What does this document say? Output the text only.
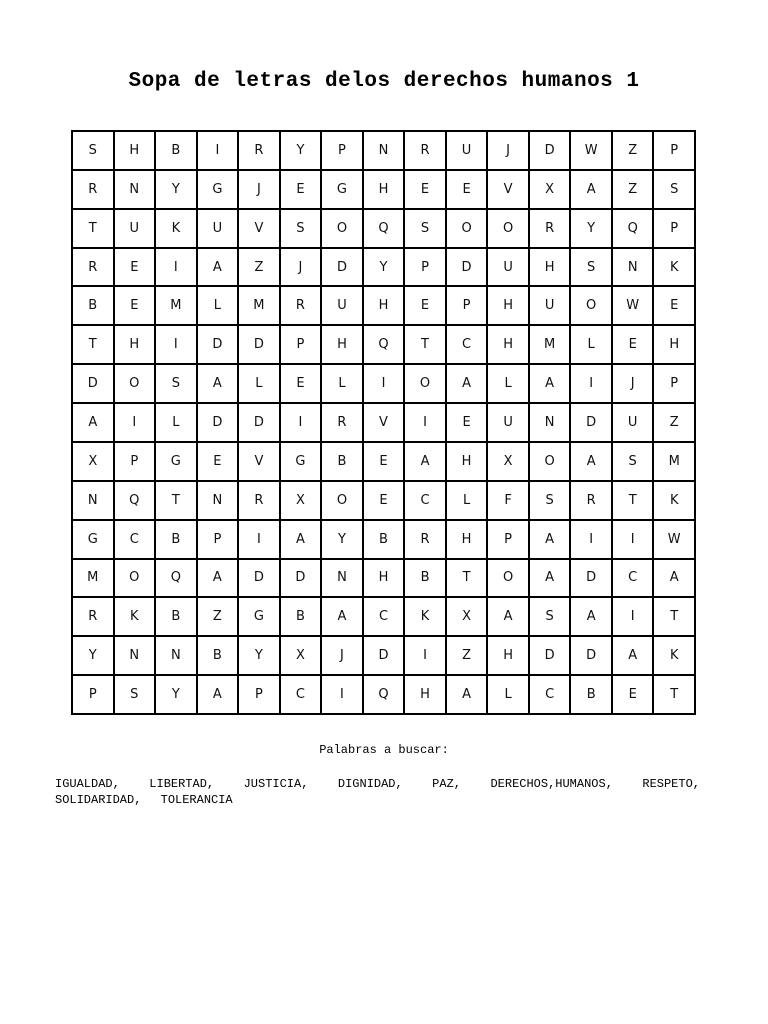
Sopa de letras delos derechos humanos 1
S	H	B	I	R	Y	P	N	R	U	J	D	W	Z	P
R	N	Y	G	J	E	G	H	E	E	V	X	A	Z	S
T	U	K	U	V	S	O	Q	S	O	O	R	Y	Q	P
R	E	I	A	Z	J	D	Y	P	D	U	H	S	N	K
B	E	M	L	M	R	U	H	E	P	H	U	O	W	E
T	H	I	D	D	P	H	Q	T	C	H	M	L	E	H
D	O	S	A	L	E	L	I	O	A	L	A	I	J	P
A	I	L	D	D	I	R	V	I	E	U	N	D	U	Z
X	P	G	E	V	G	B	E	A	H	X	O	A	S	M
N	Q	T	N	R	X	O	E	C	L	F	S	R	T	K
G	C	B	P	I	A	Y	B	R	H	P	A	I	I	W
M	O	Q	A	D	D	N	H	B	T	O	A	D	C	A
R	K	B	Z	G	B	A	C	K	X	A	S	A	I	T
Y	N	N	B	Y	X	J	D	I	Z	H	D	D	A	K
P	S	Y	A	P	C	I	Q	H	A	L	C	B	E	T
Palabras a buscar:
IGUALDAD, LIBERTAD, JUSTICIA, DIGNIDAD, PAZ, DERECHOS,HUMANOS, RESPETO, SOLIDARIDAD, TOLERANCIA
